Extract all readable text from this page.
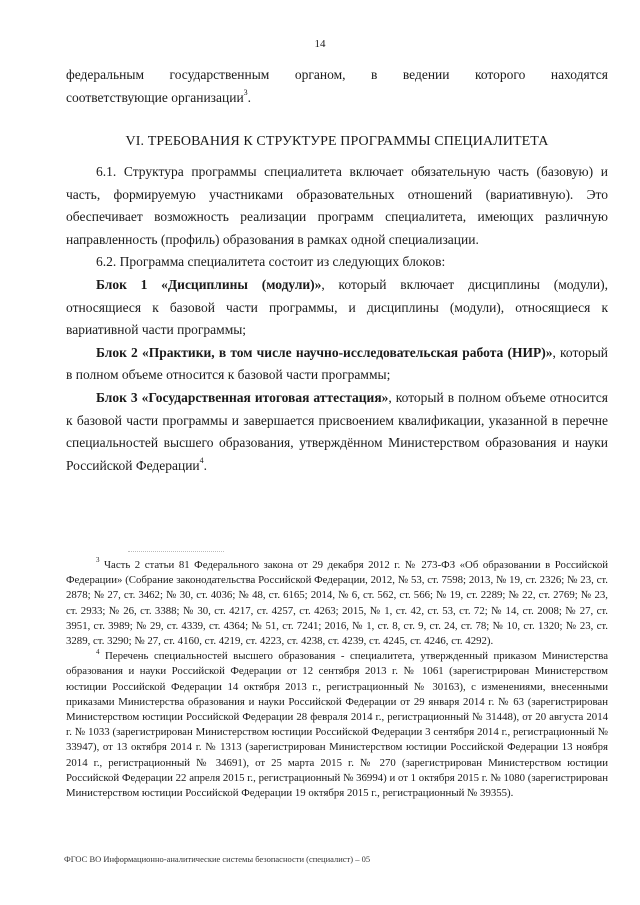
14

федеральным государственным органом, в ведении которого находятся

соответствующие организации$^3$.

VI. ТРЕБОВАНИЯ К СТРУКТУРЕ ПРОГРАММЫ СПЕЦИАЛИТЕТА

6.1. Структура программы специалитета включает обязательную часть (базовую) и часть, формируемую участниками образовательных отношений (вариативную). Это обеспечивает возможность реализации программ специалитета, имеющих различную направленность (профиль) образования в рамках одной специализации.

6.2. Программа специалитета состоит из следующих блоков:

Блок 1 «Дисциплины (модули)», который включает дисциплины (модули), относящиеся к базовой части программы, и дисциплины (модули), относящиеся к вариативной части программы;

Блок 2 «Практики, в том числе научно-исследовательская работа (НИР)», который в полном объеме относится к базовой части программы;

Блок 3 «Государственная итоговая аттестация», который в полном объеме относится к базовой части программы и завершается присвоением квалификации, указанной в перечне специальностей высшего образования, утверждённом Министерством образования и науки Российской Федерации$^4$.

$^3$ Часть 2 статьи 81 Федерального закона от 29 декабря 2012 г. № 273-ФЗ «Об образовании в Российской Федерации» (Собрание законодательства Российской Федерации, 2012, № 53, ст. 7598; 2013, № 19, ст. 2326; № 23, ст. 2878; № 27, ст. 3462; № 30, ст. 4036; № 48, ст. 6165; 2014, № 6, ст. 562, ст. 566; № 19, ст. 2289; № 22, ст. 2769; № 23, ст. 2933; № 26, ст. 3388; № 30, ст. 4217, ст. 4257, ст. 4263; 2015, № 1, ст. 42, ст. 53, ст. 72; № 14, ст. 2008; № 27, ст. 3951, ст. 3989; № 29, ст. 4339, ст. 4364; № 51, ст. 7241; 2016, № 1, ст. 8, ст. 9, ст. 24, ст. 78; № 10, ст. 1320; № 23, ст. 3289, ст. 3290; № 27, ст. 4160, ст. 4219, ст. 4223, ст. 4238, ст. 4239, ст. 4245, ст. 4246, ст. 4292).

$^4$ Перечень специальностей высшего образования - специалитета, утвержденный приказом Министерства образования и науки Российской Федерации от 12 сентября 2013 г. № 1061 (зарегистрирован Министерством юстиции Российской Федерации 14 октября 2013 г., регистрационный № 30163), с изменениями, внесенными приказами Министерства образования и науки Российской Федерации от 29 января 2014 г. № 63 (зарегистрирован Министерством юстиции Российской Федерации 28 февраля 2014 г., регистрационный № 31448), от 20 августа 2014 г. № 1033 (зарегистрирован Министерством юстиции Российской Федерации 3 сентября 2014 г., регистрационный № 33947), от 13 октября 2014 г. № 1313 (зарегистрирован Министерством юстиции Российской Федерации 13 ноября 2014 г., регистрационный № 34691), от 25 марта 2015 г. № 270 (зарегистрирован Министерством юстиции Российской Федерации 22 апреля 2015 г., регистрационный № 36994) и от 1 октября 2015 г. № 1080 (зарегистрирован Министерством юстиции Российской Федерации 19 октября 2015 г., регистрационный № 39355).

ФГОС ВО Информационно-аналитические системы безопасности (специалист) – 05
